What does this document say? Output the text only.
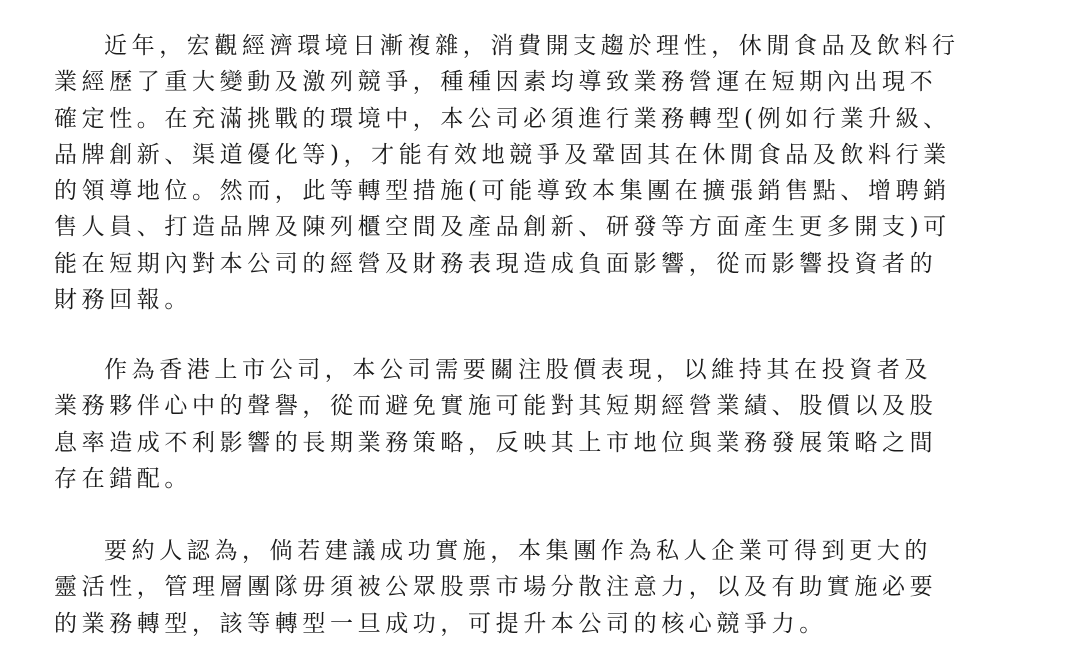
近年，宏觀經濟環境日漸複雜，消費開支趨於理性，休閒食品及飲料行
業經歷了重大變動及激列競爭，種種因素均導致業務營運在短期內出現不
確定性。在充滿挑戰的環境中，本公司必須進行業務轉型(例如行業升級、
品牌創新、渠道優化等)，才能有效地競爭及鞏固其在休閒食品及飲料行業
的領導地位。然而，此等轉型措施(可能導致本集團在擴張銷售點、增聘銷
售人員、打造品牌及陳列櫃空間及產品創新、研發等方面產生更多開支)可
能在短期內對本公司的經營及財務表現造成負面影響，從而影響投資者的
財務回報。

作為香港上市公司，本公司需要關注股價表現，以維持其在投資者及
業務夥伴心中的聲譽，從而避免實施可能對其短期經營業績、股價以及股
息率造成不利影響的長期業務策略，反映其上市地位與業務發展策略之間
存在錯配。

要約人認為，倘若建議成功實施，本集團作為私人企業可得到更大的
靈活性，管理層團隊毋須被公眾股票市場分散注意力，以及有助實施必要
的業務轉型，該等轉型一旦成功，可提升本公司的核心競爭力。
